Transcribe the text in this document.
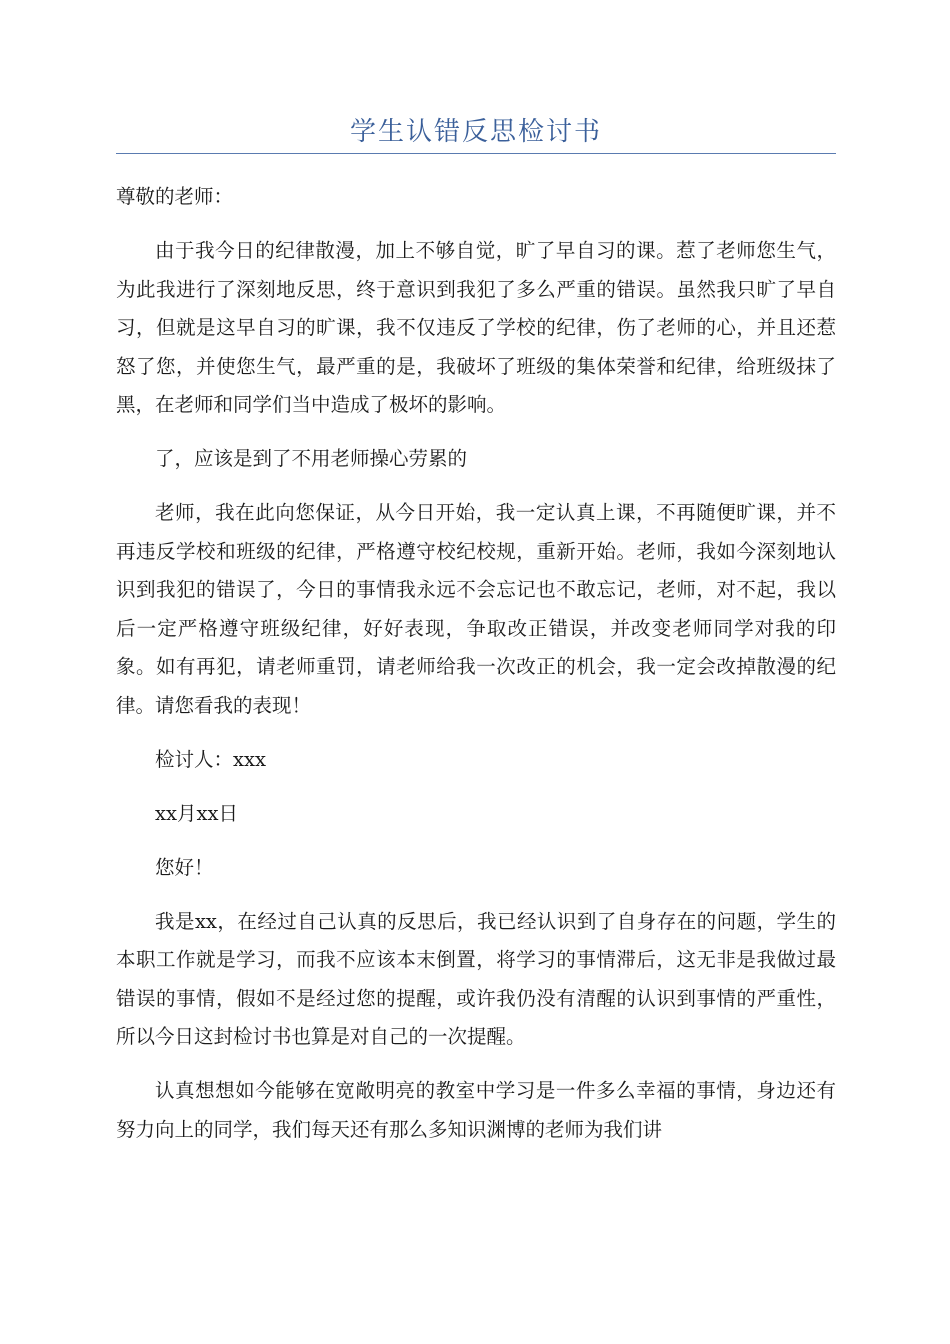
学生认错反思检讨书

尊敬的老师：

由于我今日的纪律散漫，加上不够自觉，旷了早自习的课。惹了老师您生气，为此我进行了深刻地反思，终于意识到我犯了多么严重的错误。虽然我只旷了早自习，但就是这早自习的旷课，我不仅违反了学校的纪律，伤了老师的心，并且还惹怒了您，并使您生气，最严重的是，我破坏了班级的集体荣誉和纪律，给班级抹了黑，在老师和同学们当中造成了极坏的影响。

了，应该是到了不用老师操心劳累的

老师，我在此向您保证，从今日开始，我一定认真上课，不再随便旷课，并不再违反学校和班级的纪律，严格遵守校纪校规，重新开始。老师，我如今深刻地认识到我犯的错误了，今日的事情我永远不会忘记也不敢忘记，老师，对不起，我以后一定严格遵守班级纪律，好好表现，争取改正错误，并改变老师同学对我的印象。如有再犯，请老师重罚，请老师给我一次改正的机会，我一定会改掉散漫的纪律。请您看我的表现！

检讨人：xxx

xx月xx日

您好！

我是xx，在经过自己认真的反思后，我已经认识到了自身存在的问题，学生的本职工作就是学习，而我不应该本末倒置，将学习的事情滞后，这无非是我做过最错误的事情，假如不是经过您的提醒，或许我仍没有清醒的认识到事情的严重性，所以今日这封检讨书也算是对自己的一次提醒。

认真想想如今能够在宽敞明亮的教室中学习是一件多么幸福的事情，身边还有努力向上的同学，我们每天还有那么多知识渊博的老师为我们讲
